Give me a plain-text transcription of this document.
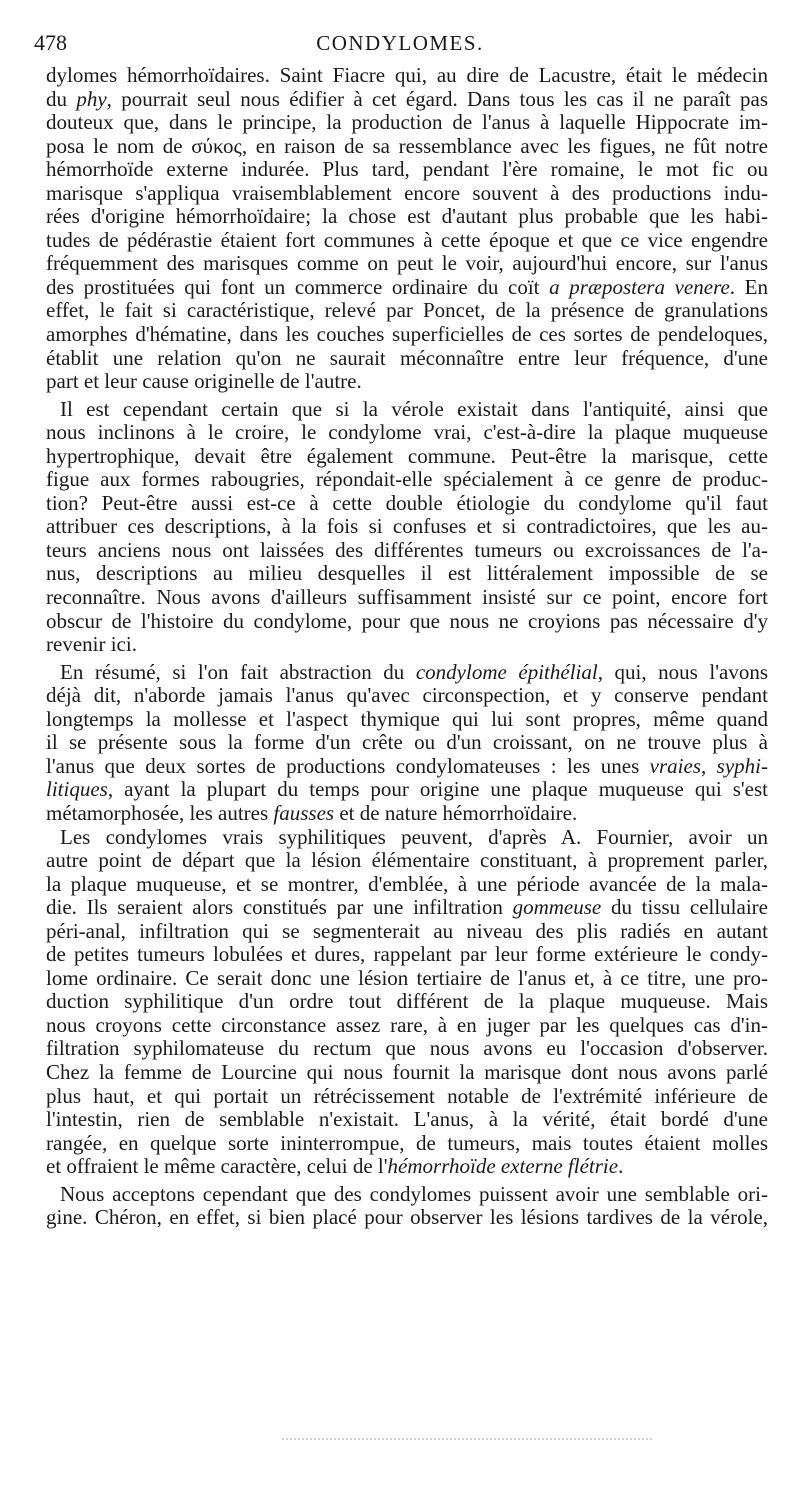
478	CONDYLOMES.

dylomes hémorrhoïdaires. Saint Fiacre qui, au dire de Lacustre, était le médecin
du phy, pourrait seul nous édifier à cet égard. Dans tous les cas il ne paraît pas
douteux que, dans le principe, la production de l'anus à laquelle Hippocrate im-
posa le nom de σύκος, en raison de sa ressemblance avec les figues, ne fût notre
hémorrhoïde externe indurée. Plus tard, pendant l'ère romaine, le mot fic ou
marisque s'appliqua vraisemblablement encore souvent à des productions indu-
rées d'origine hémorrhoïdaire; la chose est d'autant plus probable que les habi-
tudes de pédérastie étaient fort communes à cette époque et que ce vice engendre
fréquemment des marisques comme on peut le voir, aujourd'hui encore, sur l'anus
des prostituées qui font un commerce ordinaire du coït a præpostera venere. En
effet, le fait si caractéristique, relevé par Poncet, de la présence de granulations
amorphes d'hématine, dans les couches superficielles de ces sortes de pendeloques,
établit une relation qu'on ne saurait méconnaître entre leur fréquence, d'une
part et leur cause originelle de l'autre.

Il est cependant certain que si la vérole existait dans l'antiquité, ainsi que
nous inclinons à le croire, le condylome vrai, c'est-à-dire la plaque muqueuse
hypertrophique, devait être également commune. Peut-être la marisque, cette
figue aux formes rabougries, répondait-elle spécialement à ce genre de produc-
tion? Peut-être aussi est-ce à cette double étiologie du condylome qu'il faut
attribuer ces descriptions, à la fois si confuses et si contradictoires, que les au-
teurs anciens nous ont laissées des différentes tumeurs ou excroissances de l'a-
nus, descriptions au milieu desquelles il est littéralement impossible de se
reconnaître. Nous avons d'ailleurs suffisamment insisté sur ce point, encore fort
obscur de l'histoire du condylome, pour que nous ne croyions pas nécessaire d'y
revenir ici.

En résumé, si l'on fait abstraction du condylome épithélial, qui, nous l'avons
déjà dit, n'aborde jamais l'anus qu'avec circonspection, et y conserve pendant
longtemps la mollesse et l'aspect thymique qui lui sont propres, même quand
il se présente sous la forme d'un crête ou d'un croissant, on ne trouve plus à
l'anus que deux sortes de productions condylomateuses : les unes vraies, syphi-
litiques, ayant la plupart du temps pour origine une plaque muqueuse qui s'est
métamorphosée, les autres fausses et de nature hémorrhoïdaire.

Les condylomes vrais syphilitiques peuvent, d'après A. Fournier, avoir un
autre point de départ que la lésion élémentaire constituant, à proprement parler,
la plaque muqueuse, et se montrer, d'emblée, à une période avancée de la mala-
die. Ils seraient alors constitués par une infiltration gommeuse du tissu cellulaire
péri-anal, infiltration qui se segmenterait au niveau des plis radiés en autant
de petites tumeurs lobulées et dures, rappelant par leur forme extérieure le condy-
lome ordinaire. Ce serait donc une lésion tertiaire de l'anus et, à ce titre, une pro-
duction syphilitique d'un ordre tout différent de la plaque muqueuse. Mais
nous croyons cette circonstance assez rare, à en juger par les quelques cas d'in-
filtration syphilomateuse du rectum que nous avons eu l'occasion d'observer.
Chez la femme de Lourcine qui nous fournit la marisque dont nous avons parlé
plus haut, et qui portait un rétrécissement notable de l'extrémité inférieure de
l'intestin, rien de semblable n'existait. L'anus, à la vérité, était bordé d'une
rangée, en quelque sorte ininterrompue, de tumeurs, mais toutes étaient molles
et offraient le même caractère, celui de l'hémorrhoïde externe flétrie.

Nous acceptons cependant que des condylomes puissent avoir une semblable ori-
gine. Chéron, en effet, si bien placé pour observer les lésions tardives de la vérole,
